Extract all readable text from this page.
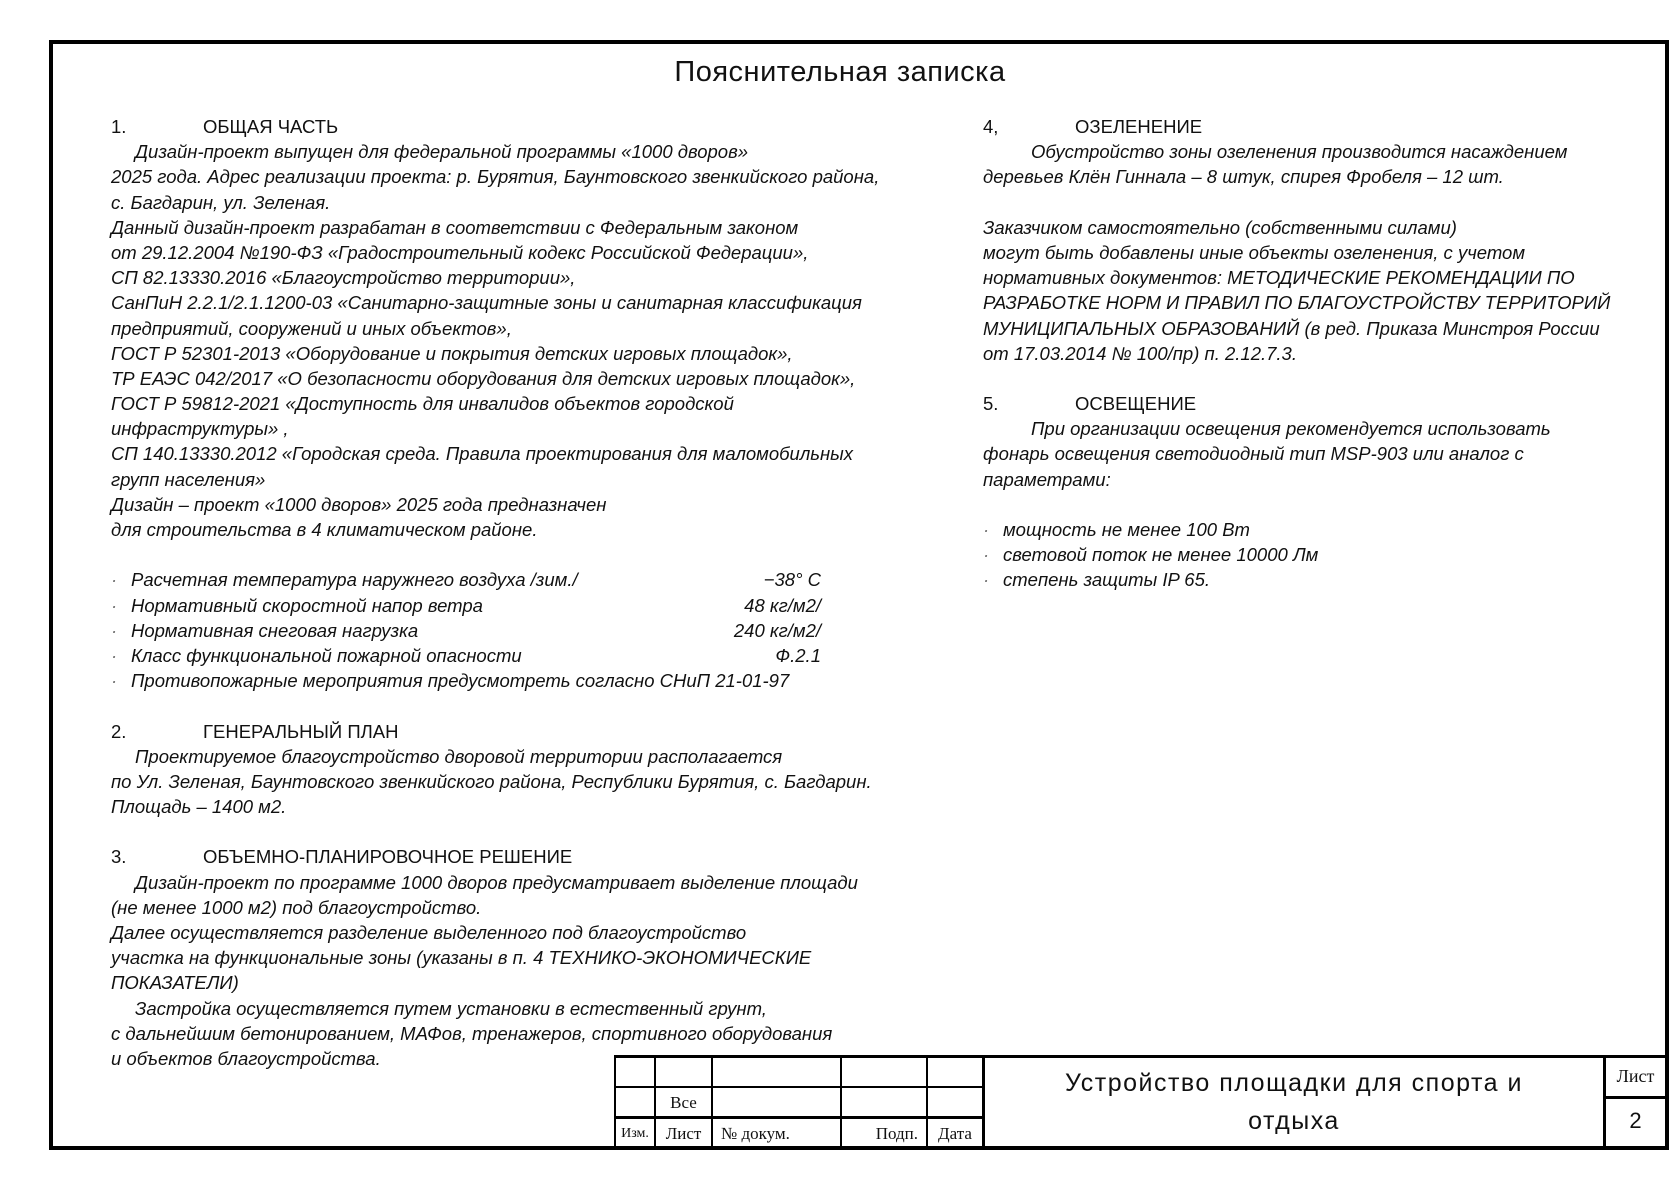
Пояснительная записка
1.	ОБЩАЯ ЧАСТЬ
Дизайн-проект выпущен для федеральной программы «1000 дворов»
2025 года. Адрес реализации проекта: р. Бурятия, Баунтовского звенкийского района,
с. Багдарин, ул. Зеленая.
Данный дизайн-проект разрабатан в соответствии с Федеральным законом
от 29.12.2004 №190-ФЗ «Градостроительный кодекс Российской Федерации»,
СП 82.13330.2016 «Благоустройство территории»,
СанПиН 2.2.1/2.1.1200-03 «Санитарно-защитные зоны и санитарная классификация
предприятий, сооружений и иных объектов»,
ГОСТ Р 52301-2013 «Оборудование и покрытия детских игровых площадок»,
ТР ЕАЭС 042/2017 «О безопасности оборудования для детских игровых площадок»,
ГОСТ Р 59812-2021 «Доступность для инвалидов объектов городской
инфраструктуры» ,
СП 140.13330.2012 «Городская среда. Правила проектирования для маломобильных
групп населения»
Дизайн – проект «1000 дворов» 2025 года предназначен
для строительства в 4 климатическом районе.
· Расчетная температура наружнего воздуха /зим./	−38° С
· Нормативный скоростной напор ветра	48 кг/м2/
· Нормативная снеговая нагрузка	240 кг/м2/
· Класс функциональной пожарной опасности	Ф.2.1
· Противопожарные мероприятия предусмотреть согласно СНиП 21-01-97
2.	ГЕНЕРАЛЬНЫЙ ПЛАН
Проектируемое благоустройство дворовой территории располагается
по Ул. Зеленая, Баунтовского звенкийского района, Республики Бурятия, с. Багдарин.
Площадь – 1400 м2.
3.	ОБЪЕМНО-ПЛАНИРОВОЧНОЕ РЕШЕНИЕ
Дизайн-проект по программе 1000 дворов предусматривает выделение площади
(не менее 1000 м2) под благоустройство.
Далее осуществляется разделение выделенного под благоустройство
участка на функциональные зоны (указаны в п. 4 ТЕХНИКО-ЭКОНОМИЧЕСКИЕ
ПОКАЗАТЕЛИ)
Застройка осуществляется путем установки в естественный грунт,
с дальнейшим бетонированием, МАФов, тренажеров, спортивного оборудования
и объектов благоустройства.
4,	ОЗЕЛЕНЕНИЕ
Обустройство зоны озеленения производится насаждением
деревьев Клён Гиннала – 8 штук, спирея Фробеля – 12 шт.
Заказчиком самостоятельно (собственными силами)
могут быть добавлены иные объекты озеленения, с учетом
нормативных документов: МЕТОДИЧЕСКИЕ РЕКОМЕНДАЦИИ ПО
РАЗРАБОТКЕ НОРМ И ПРАВИЛ ПО БЛАГОУСТРОЙСТВУ ТЕРРИТОРИЙ
МУНИЦИПАЛЬНЫХ ОБРАЗОВАНИЙ (в ред. Приказа Минстроя России
от 17.03.2014 № 100/пр) п. 2.12.7.3.
5.	ОСВЕЩЕНИЕ
При организации освещения рекомендуется использовать
фонарь освещения светодиодный тип MSP-903 или аналог с
параметрами:
· мощность не менее 100 Вт
· световой поток не менее 10000 Лм
· степень защиты IP 65.
Все
Изм. Лист	№ докум.	Подп.	Дата
Устройство площадки для спорта и
отдыха
Лист
2
